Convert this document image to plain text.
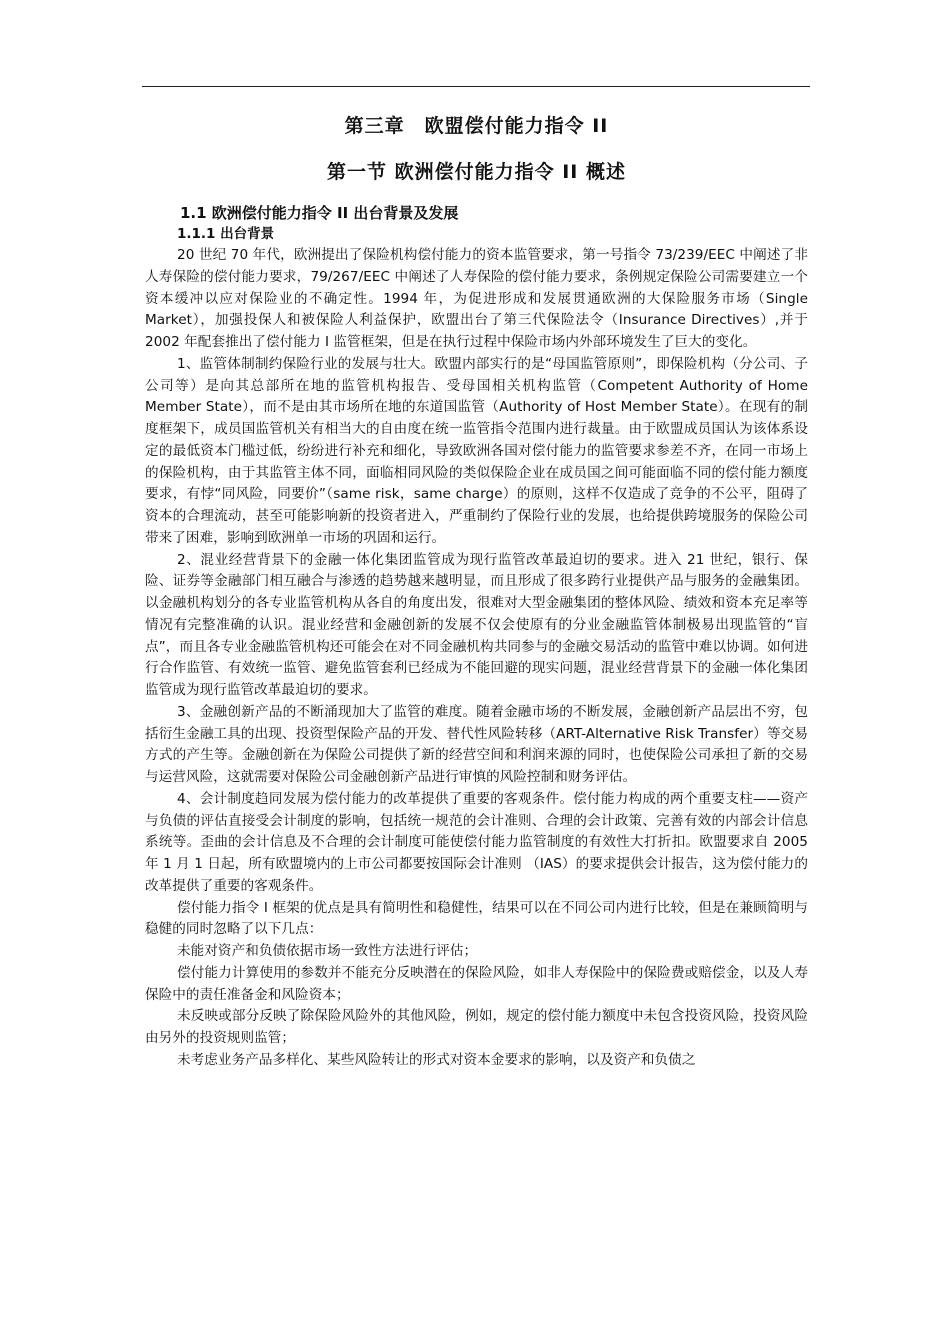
第三章　欧盟偿付能力指令 II
第一节 欧洲偿付能力指令 II 概述
1.1 欧洲偿付能力指令 II 出台背景及发展
1.1.1 出台背景

20 世纪 70 年代，欧洲提出了保险机构偿付能力的资本监管要求，第一号指令 73/239/EEC 中阐述了非人寿保险的偿付能力要求，79/267/EEC 中阐述了人寿保险的偿付能力要求，条例规定保险公司需要建立一个资本缓冲以应对保险业的不确定性。1994 年，为促进形成和发展贯通欧洲的大保险服务市场（Single Market），加强投保人和被保险人利益保护，欧盟出台了第三代保险法令（Insurance Directives）,并于 2002 年配套推出了偿付能力 I 监管框架，但是在执行过程中保险市场内外部环境发生了巨大的变化。

1、监管体制制约保险行业的发展与壮大。欧盟内部实行的是“母国监管原则”，即保险机构（分公司、子公司等）是向其总部所在地的监管机构报告、受母国相关机构监管（Competent Authority of Home Member State），而不是由其市场所在地的东道国监管（Authority of Host Member State）。在现有的制度框架下，成员国监管机关有相当大的自由度在统一监管指令范围内进行裁量。由于欧盟成员国认为该体系设定的最低资本门槛过低，纷纷进行补充和细化，导致欧洲各国对偿付能力的监管要求参差不齐，在同一市场上的保险机构，由于其监管主体不同，面临相同风险的类似保险企业在成员国之间可能面临不同的偿付能力额度要求，有悖“同风险，同要价”（same risk，same charge）的原则，这样不仅造成了竞争的不公平，阻碍了资本的合理流动，甚至可能影响新的投资者进入，严重制约了保险行业的发展，也给提供跨境服务的保险公司带来了困难，影响到欧洲单一市场的巩固和运行。

2、混业经营背景下的金融一体化集团监管成为现行监管改革最迫切的要求。进入 21 世纪，银行、保险、证券等金融部门相互融合与渗透的趋势越来越明显，而且形成了很多跨行业提供产品与服务的金融集团。以金融机构划分的各专业监管机构从各自的角度出发，很难对大型金融集团的整体风险、绩效和资本充足率等情况有完整准确的认识。混业经营和金融创新的发展不仅会使原有的分业金融监管体制极易出现监管的“盲点”，而且各专业金融监管机构还可能会在对不同金融机构共同参与的金融交易活动的监管中难以协调。如何进行合作监管、有效统一监管、避免监管套利已经成为不能回避的现实问题，混业经营背景下的金融一体化集团监管成为现行监管改革最迫切的要求。

3、金融创新产品的不断涌现加大了监管的难度。随着金融市场的不断发展，金融创新产品层出不穷，包括衍生金融工具的出现、投资型保险产品的开发、替代性风险转移（ART-Alternative Risk Transfer）等交易方式的产生等。金融创新在为保险公司提供了新的经营空间和利润来源的同时，也使保险公司承担了新的交易与运营风险，这就需要对保险公司金融创新产品进行审慎的风险控制和财务评估。

4、会计制度趋同发展为偿付能力的改革提供了重要的客观条件。偿付能力构成的两个重要支柱——资产与负债的评估直接受会计制度的影响，包括统一规范的会计准则、合理的会计政策、完善有效的内部会计信息系统等。歪曲的会计信息及不合理的会计制度可能使偿付能力监管制度的有效性大打折扣。欧盟要求自 2005 年 1 月 1 日起，所有欧盟境内的上市公司都要按国际会计准则 （IAS）的要求提供会计报告，这为偿付能力的改革提供了重要的客观条件。

偿付能力指令 I 框架的优点是具有简明性和稳健性，结果可以在不同公司内进行比较，但是在兼顾简明与稳健的同时忽略了以下几点：

未能对资产和负债依据市场一致性方法进行评估；

偿付能力计算使用的参数并不能充分反映潜在的保险风险，如非人寿保险中的保险费或赔偿金，以及人寿保险中的责任准备金和风险资本；

未反映或部分反映了除保险风险外的其他风险，例如，规定的偿付能力额度中未包含投资风险，投资风险由另外的投资规则监管；

未考虑业务产品多样化、某些风险转让的形式对资本金要求的影响，以及资产和负债之
